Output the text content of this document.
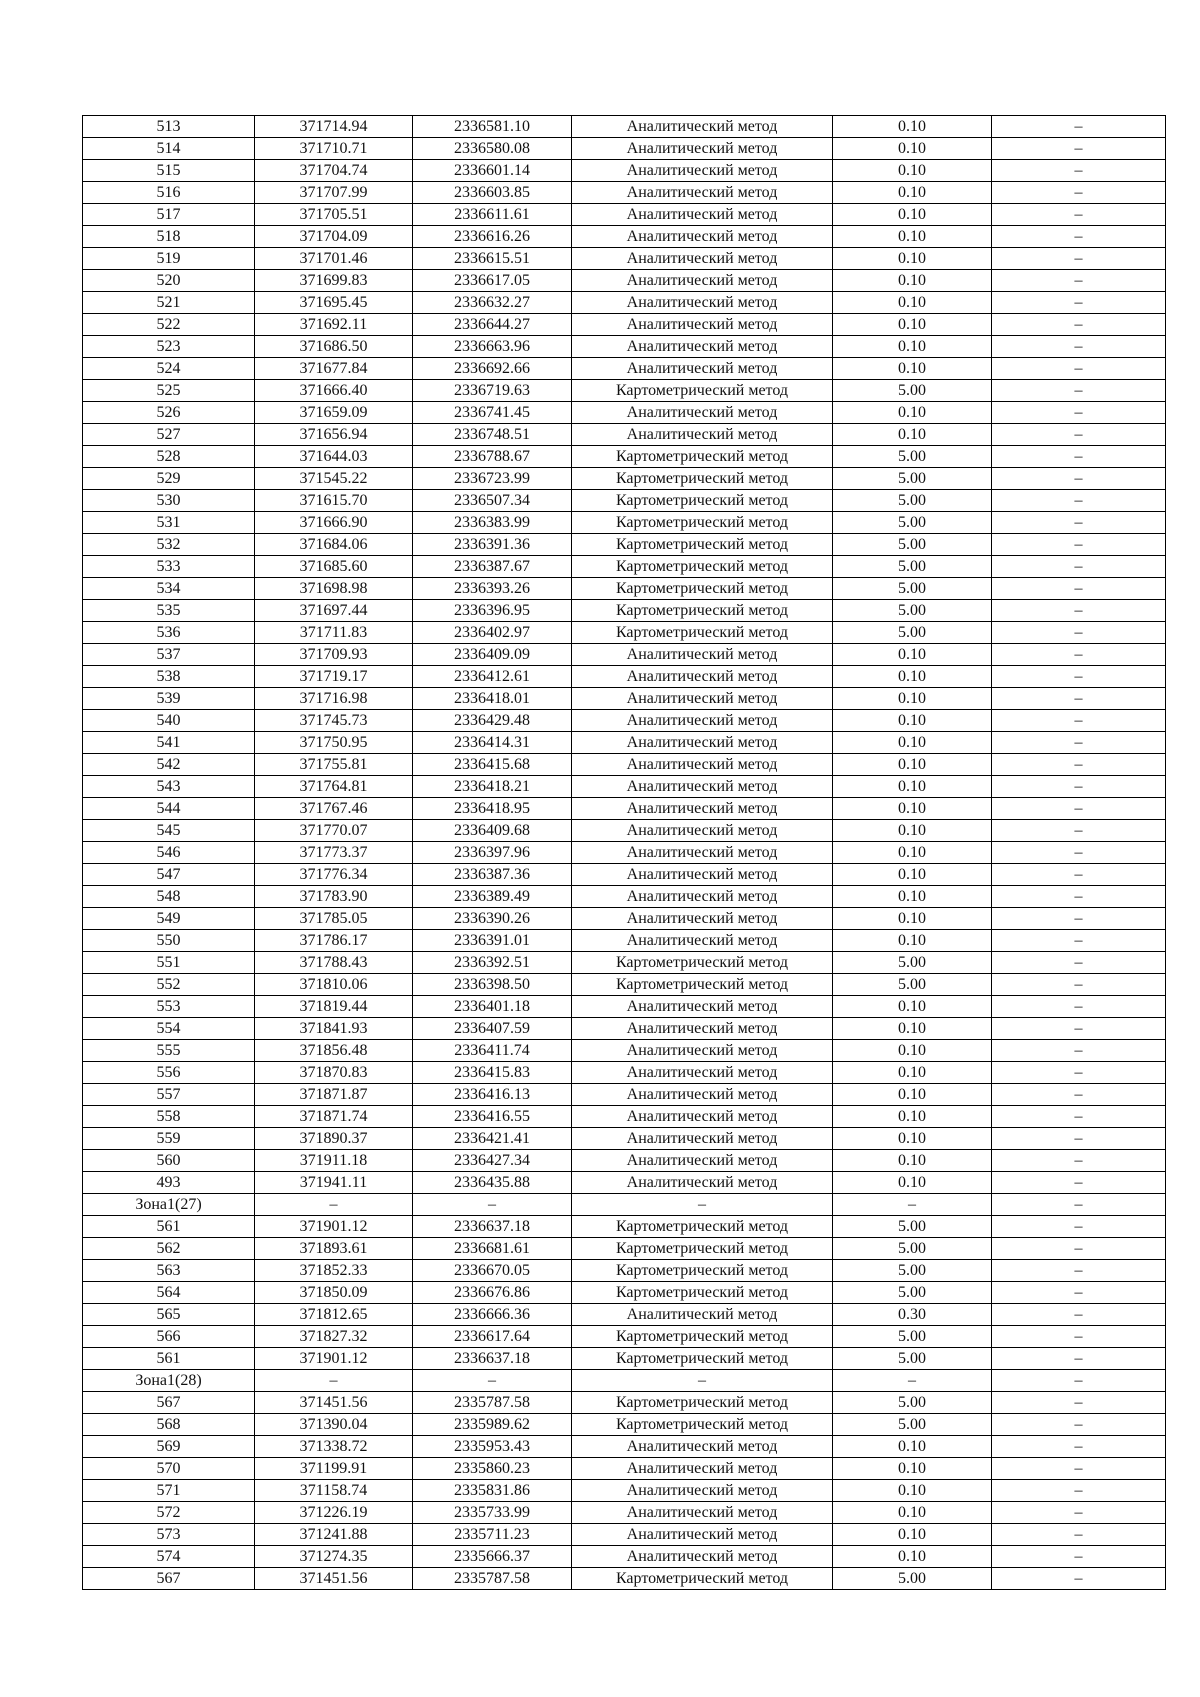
513	371714.94	2336581.10	Аналитический метод	0.10	–
514	371710.71	2336580.08	Аналитический метод	0.10	–
515	371704.74	2336601.14	Аналитический метод	0.10	–
516	371707.99	2336603.85	Аналитический метод	0.10	–
517	371705.51	2336611.61	Аналитический метод	0.10	–
518	371704.09	2336616.26	Аналитический метод	0.10	–
519	371701.46	2336615.51	Аналитический метод	0.10	–
520	371699.83	2336617.05	Аналитический метод	0.10	–
521	371695.45	2336632.27	Аналитический метод	0.10	–
522	371692.11	2336644.27	Аналитический метод	0.10	–
523	371686.50	2336663.96	Аналитический метод	0.10	–
524	371677.84	2336692.66	Аналитический метод	0.10	–
525	371666.40	2336719.63	Картометрический метод	5.00	–
526	371659.09	2336741.45	Аналитический метод	0.10	–
527	371656.94	2336748.51	Аналитический метод	0.10	–
528	371644.03	2336788.67	Картометрический метод	5.00	–
529	371545.22	2336723.99	Картометрический метод	5.00	–
530	371615.70	2336507.34	Картометрический метод	5.00	–
531	371666.90	2336383.99	Картометрический метод	5.00	–
532	371684.06	2336391.36	Картометрический метод	5.00	–
533	371685.60	2336387.67	Картометрический метод	5.00	–
534	371698.98	2336393.26	Картометрический метод	5.00	–
535	371697.44	2336396.95	Картометрический метод	5.00	–
536	371711.83	2336402.97	Картометрический метод	5.00	–
537	371709.93	2336409.09	Аналитический метод	0.10	–
538	371719.17	2336412.61	Аналитический метод	0.10	–
539	371716.98	2336418.01	Аналитический метод	0.10	–
540	371745.73	2336429.48	Аналитический метод	0.10	–
541	371750.95	2336414.31	Аналитический метод	0.10	–
542	371755.81	2336415.68	Аналитический метод	0.10	–
543	371764.81	2336418.21	Аналитический метод	0.10	–
544	371767.46	2336418.95	Аналитический метод	0.10	–
545	371770.07	2336409.68	Аналитический метод	0.10	–
546	371773.37	2336397.96	Аналитический метод	0.10	–
547	371776.34	2336387.36	Аналитический метод	0.10	–
548	371783.90	2336389.49	Аналитический метод	0.10	–
549	371785.05	2336390.26	Аналитический метод	0.10	–
550	371786.17	2336391.01	Аналитический метод	0.10	–
551	371788.43	2336392.51	Картометрический метод	5.00	–
552	371810.06	2336398.50	Картометрический метод	5.00	–
553	371819.44	2336401.18	Аналитический метод	0.10	–
554	371841.93	2336407.59	Аналитический метод	0.10	–
555	371856.48	2336411.74	Аналитический метод	0.10	–
556	371870.83	2336415.83	Аналитический метод	0.10	–
557	371871.87	2336416.13	Аналитический метод	0.10	–
558	371871.74	2336416.55	Аналитический метод	0.10	–
559	371890.37	2336421.41	Аналитический метод	0.10	–
560	371911.18	2336427.34	Аналитический метод	0.10	–
493	371941.11	2336435.88	Аналитический метод	0.10	–
Зона1(27)	–	–	–	–	–
561	371901.12	2336637.18	Картометрический метод	5.00	–
562	371893.61	2336681.61	Картометрический метод	5.00	–
563	371852.33	2336670.05	Картометрический метод	5.00	–
564	371850.09	2336676.86	Картометрический метод	5.00	–
565	371812.65	2336666.36	Аналитический метод	0.30	–
566	371827.32	2336617.64	Картометрический метод	5.00	–
561	371901.12	2336637.18	Картометрический метод	5.00	–
Зона1(28)	–	–	–	–	–
567	371451.56	2335787.58	Картометрический метод	5.00	–
568	371390.04	2335989.62	Картометрический метод	5.00	–
569	371338.72	2335953.43	Аналитический метод	0.10	–
570	371199.91	2335860.23	Аналитический метод	0.10	–
571	371158.74	2335831.86	Аналитический метод	0.10	–
572	371226.19	2335733.99	Аналитический метод	0.10	–
573	371241.88	2335711.23	Аналитический метод	0.10	–
574	371274.35	2335666.37	Аналитический метод	0.10	–
567	371451.56	2335787.58	Картометрический метод	5.00	–
